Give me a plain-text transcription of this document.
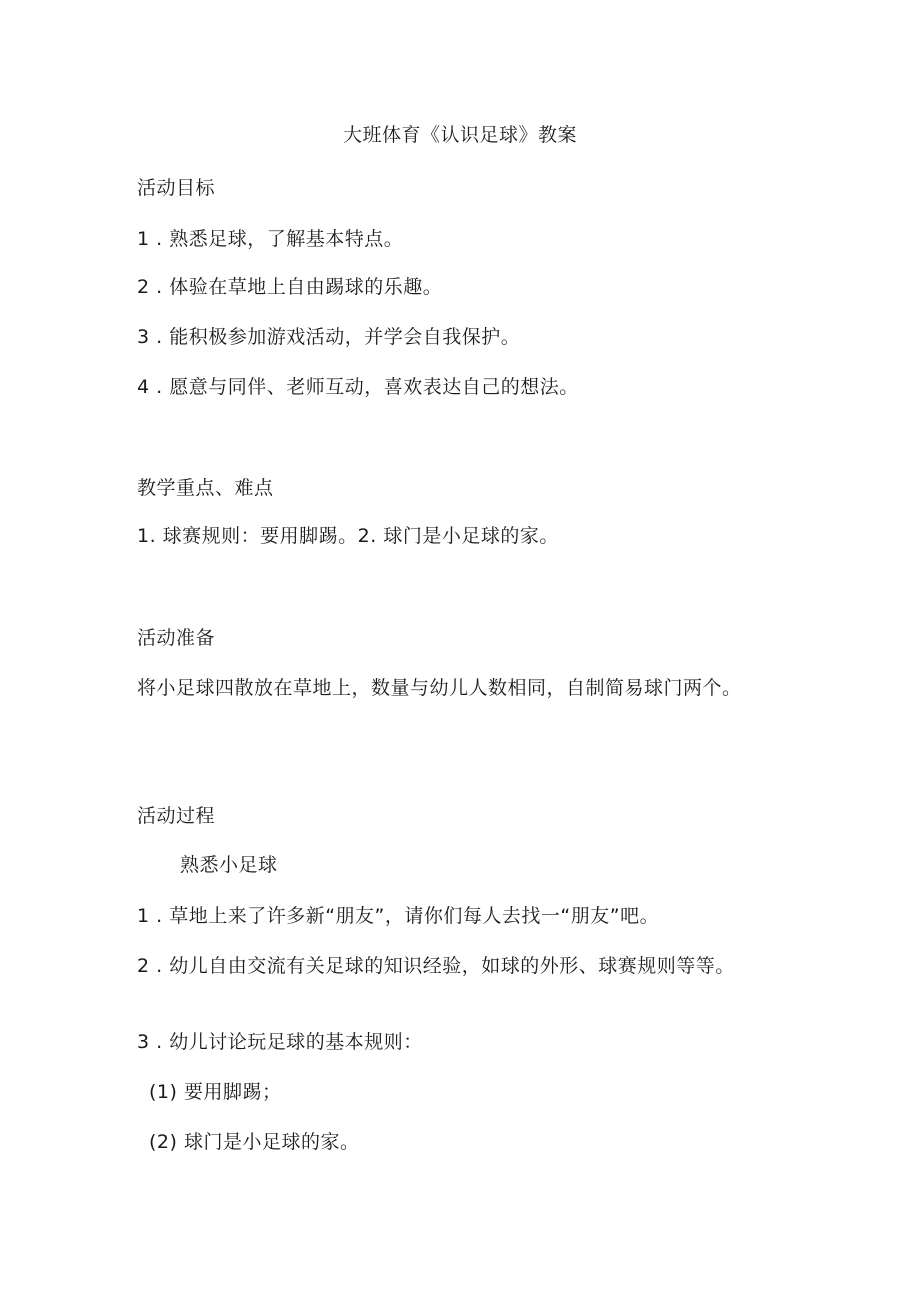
大班体育《认识足球》教案
活动目标
1 . 熟悉足球，了解基本特点。
2 . 体验在草地上自由踢球的乐趣。
3 . 能积极参加游戏活动，并学会自我保护。
4 . 愿意与同伴、老师互动，喜欢表达自己的想法。
教学重点、难点
1. 球赛规则：要用脚踢。2. 球门是小足球的家。
活动准备
将小足球四散放在草地上，数量与幼儿人数相同，自制简易球门两个。
活动过程
熟悉小足球
1 . 草地上来了许多新“朋友”，请你们每人去找一“朋友”吧。
2 . 幼儿自由交流有关足球的知识经验，如球的外形、球赛规则等等。
3 . 幼儿讨论玩足球的基本规则：
(1) 要用脚踢；
(2) 球门是小足球的家。
